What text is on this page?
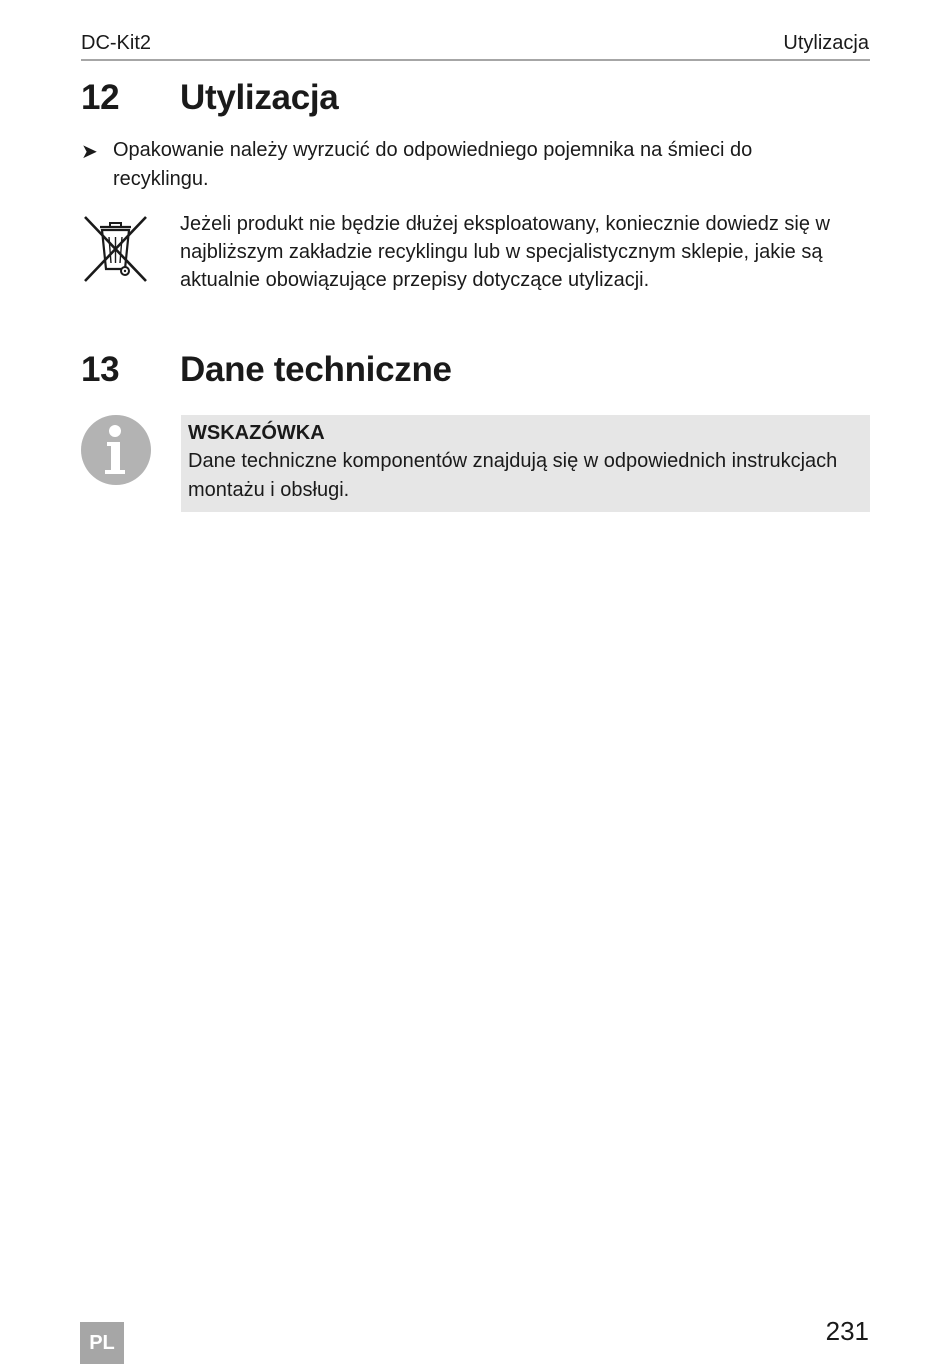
DC-Kit2	Utylizacja
12 Utylizacja
➤ Opakowanie należy wyrzucić do odpowiedniego pojemnika na śmieci do recyklingu.
Jeżeli produkt nie będzie dłużej eksploatowany, koniecznie dowiedz się w najbliższym zakładzie recyklingu lub w specjalistycznym sklepie, jakie są aktualnie obowiązujące przepisy dotyczące utylizacji.
13 Dane techniczne
WSKAZÓWKA
Dane techniczne komponentów znajdują się w odpowiednich instrukcjach montażu i obsługi.
PL	231
